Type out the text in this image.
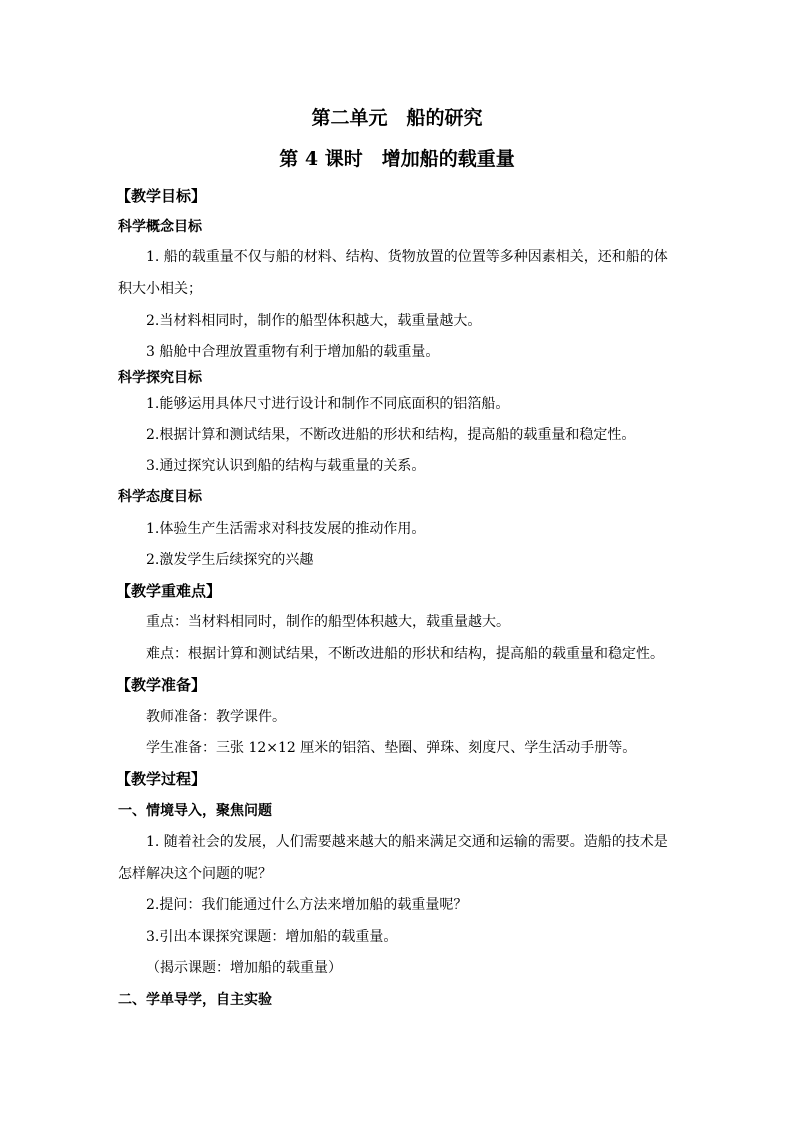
第二单元　船的研究
第 4 课时　增加船的载重量
【教学目标】
科学概念目标
1. 船的载重量不仅与船的材料、结构、货物放置的位置等多种因素相关，还和船的体
积大小相关；
2.当材料相同时，制作的船型体积越大，载重量越大。
3 船舱中合理放置重物有利于增加船的载重量。
科学探究目标
1.能够运用具体尺寸进行设计和制作不同底面积的铝箔船。
2.根据计算和测试结果，不断改进船的形状和结构，提高船的载重量和稳定性。
3.通过探究认识到船的结构与载重量的关系。
科学态度目标
1.体验生产生活需求对科技发展的推动作用。
2.激发学生后续探究的兴趣
【教学重难点】
重点：当材料相同时，制作的船型体积越大，载重量越大。
难点：根据计算和测试结果，不断改进船的形状和结构，提高船的载重量和稳定性。
【教学准备】
教师准备：教学课件。
学生准备：三张 12×12 厘米的铝箔、垫圈、弹珠、刻度尺、学生活动手册等。
【教学过程】
一、情境导入，聚焦问题
1. 随着社会的发展，人们需要越来越大的船来满足交通和运输的需要。造船的技术是
怎样解决这个问题的呢？
2.提问：我们能通过什么方法来增加船的载重量呢？
3.引出本课探究课题：增加船的载重量。
（揭示课题：增加船的载重量）
二、学单导学，自主实验
